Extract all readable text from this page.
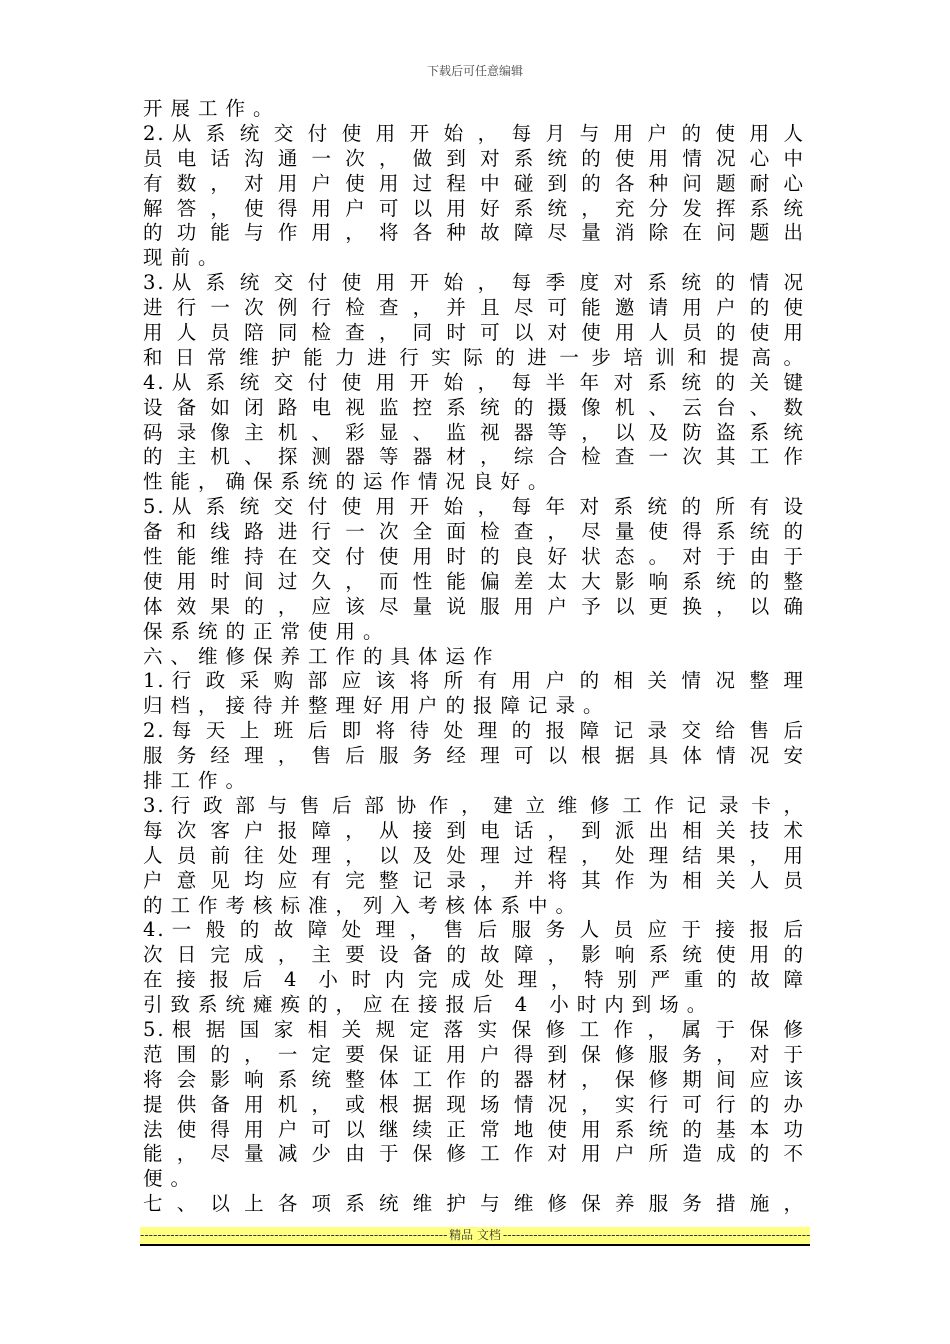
下载后可任意编辑
开展工作。
2 . 从 系 统 交 付 使 用 开 始 ， 每 月 与 用 户 的 使 用 人
员 电 话 沟 通 一 次 ， 做 到 对 系 统 的 使 用 情 况 心 中
有 数 ， 对 用 户 使 用 过 程 中 碰 到 的 各 种 问 题 耐 心
解 答 ， 使 得 用 户 可 以 用 好 系 统 ， 充 分 发 挥 系 统
的 功 能 与 作 用 ， 将 各 种 故 障 尽 量 消 除 在 问 题 出
现前。
3 . 从 系 统 交 付 使 用 开 始 ， 每 季 度 对 系 统 的 情 况
进 行 一 次 例 行 检 查 ， 并 且 尽 可 能 邀 请 用 户 的 使
用 人 员 陪 同 检 查 ， 同 时 可 以 对 使 用 人 员 的 使 用
和 日 常 维 护 能 力 进 行 实 际 的 进 一 步 培 训 和 提 高 。
4 . 从 系 统 交 付 使 用 开 始 ， 每 半 年 对 系 统 的 关 键
设 备 如 闭 路 电 视 监 控 系 统 的 摄 像 机 、 云 台 、 数
码 录 像 主 机 、 彩 显 、 监 视 器 等 ， 以 及 防 盗 系 统
的 主 机 、 探 测 器 等 器 材 ， 综 合 检 查 一 次 其 工 作
性能，确保系统的运作情况良好。
5 . 从 系 统 交 付 使 用 开 始 ， 每 年 对 系 统 的 所 有 设
备 和 线 路 进 行 一 次 全 面 检 查 ， 尽 量 使 得 系 统 的
性 能 维 持 在 交 付 使 用 时 的 良 好 状 态 。 对 于 由 于
使 用 时 间 过 久 ， 而 性 能 偏 差 太 大 影 响 系 统 的 整
体 效 果 的 ， 应 该 尽 量 说 服 用 户 予 以 更 换 ， 以 确
保系统的正常使用。
六、维修保养工作的具体运作
1 . 行 政 采 购 部 应 该 将 所 有 用 户 的 相 关 情 况 整 理
归档，接待并整理好用户的报障记录。
2 . 每 天 上 班 后 即 将 待 处 理 的 报 障 记 录 交 给 售 后
服 务 经 理 ， 售 后 服 务 经 理 可 以 根 据 具 体 情 况 安
排工作。
3 . 行 政 部 与 售 后 部 协 作 ， 建 立 维 修 工 作 记 录 卡 ，
每 次 客 户 报 障 ， 从 接 到 电 话 ， 到 派 出 相 关 技 术
人 员 前 往 处 理 ， 以 及 处 理 过 程 ， 处 理 结 果 ， 用
户 意 见 均 应 有 完 整 记 录 ， 并 将 其 作 为 相 关 人 员
的工作考核标准，列入考核体系中。
4 . 一 般 的 故 障 处 理 ， 售 后 服 务 人 员 应 于 接 报 后
次 日 完 成 ， 主 要 设 备 的 故 障 ， 影 响 系 统 使 用 的
在 接 报 后   4   小 时 内 完 成 处 理 ， 特 别 严 重 的 故 障
引致系统瘫痪的，应在接报后 4 小时内到场。
5 . 根 据 国 家 相 关 规 定 落 实 保 修 工 作 ， 属 于 保 修
范 围 的 ， 一 定 要 保 证 用 户 得 到 保 修 服 务 ， 对 于
将 会 影 响 系 统 整 体 工 作 的 器 材 ， 保 修 期 间 应 该
提 供 备 用 机 ， 或 根 据 现 场 情 况 ， 实 行 可 行 的 办
法 使 得 用 户 可 以 继 续 正 常 地 使 用 系 统 的 基 本 功
能 ， 尽 量 减 少 由 于 保 修 工 作 对 用 户 所 造 成 的 不
便。
七 、 以 上 各 项 系 统 维 护 与 维 修 保 养 服 务 措 施 ，
-----
精品 文档
-----
